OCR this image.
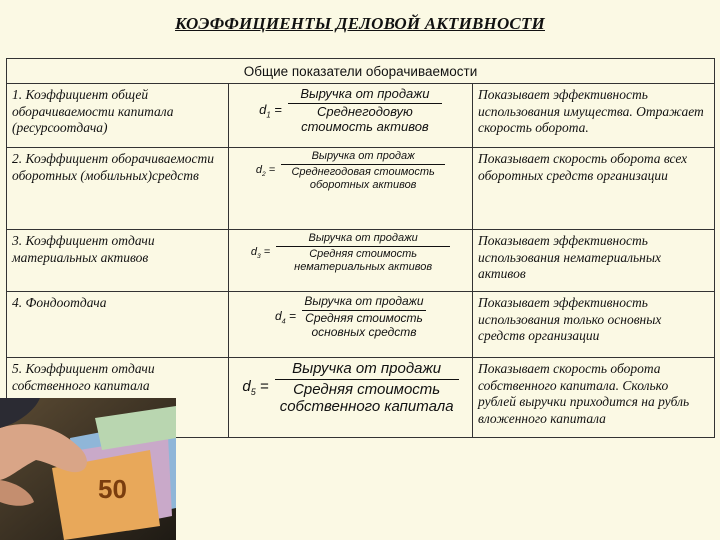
КОЭФФИЦИЕНТЫ ДЕЛОВОЙ АКТИВНОСТИ
Общие показатели оборачиваемости		
1. Коэффициент общей оборачиваемости капитала (ресурсоотдача)	$d_1 = \frac{\text{Выручка от продажи}}{\text{Среднегодовую стоимость активов}}$	Показывает эффективность использования имущества. Отражает скорость оборота.
2. Коэффициент оборачиваемости оборотных (мобильных)средств	$d_2 = \frac{\text{Выручка от продаж}}{\text{Среднегодовая стоимость оборотных активов}}$	Показывает скорость оборота всех оборотных средств организации
3. Коэффициент отдачи материальных активов	$d_3 = \frac{\text{Выручка от продажи}}{\text{Средняя стоимость нематериальных активов}}$	Показывает эффективность использования нематериальных активов
4. Фондоотдача	$d_4 = \frac{\text{Выручка от продажи}}{\text{Средняя стоимость основных средств}}$	Показывает эффективность использования только основных средств организации
5. Коэффициент отдачи собственного капитала	$d_5 = \frac{\text{Выручка от продажи}}{\text{Средняя стоимость собственного капитала}}$	Показывает скорость оборота собственного капитала. Сколько рублей выручки приходится на рубль вложенного капитала
50
